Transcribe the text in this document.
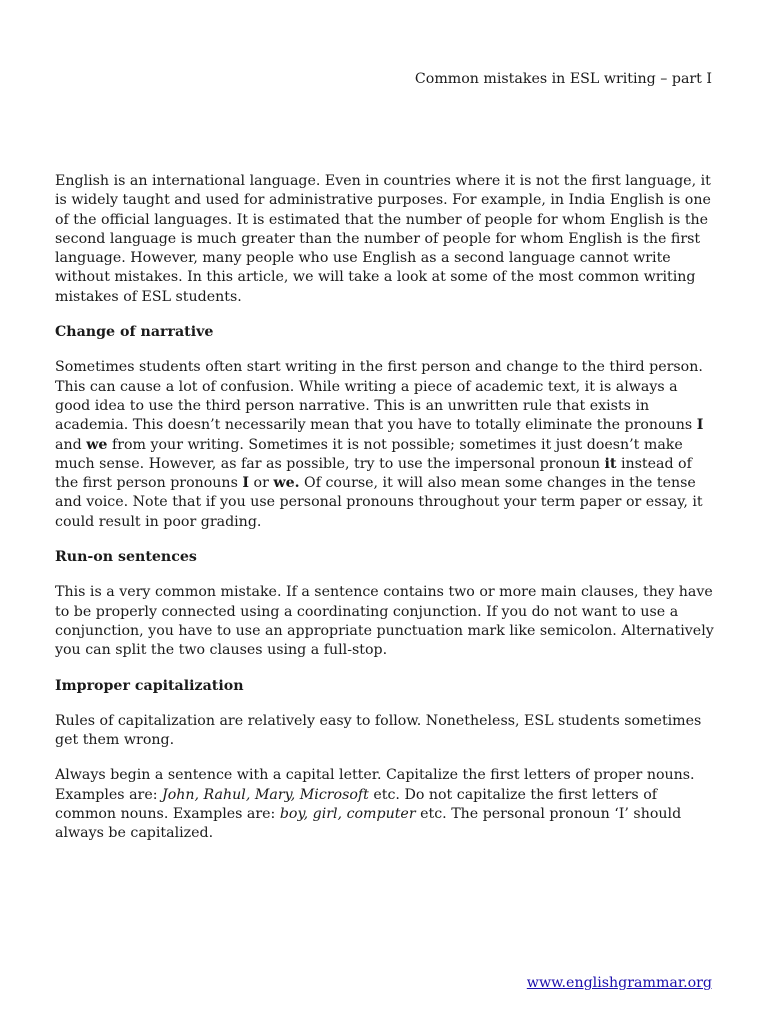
Common mistakes in ESL writing – part I

English is an international language. Even in countries where it is not the first language, it is widely taught and used for administrative purposes. For example, in India English is one of the official languages. It is estimated that the number of people for whom English is the second language is much greater than the number of people for whom English is the first language. However, many people who use English as a second language cannot write without mistakes. In this article, we will take a look at some of the most common writing mistakes of ESL students.

Change of narrative

Sometimes students often start writing in the first person and change to the third person. This can cause a lot of confusion. While writing a piece of academic text, it is always a good idea to use the third person narrative. This is an unwritten rule that exists in academia. This doesn’t necessarily mean that you have to totally eliminate the pronouns I and we from your writing. Sometimes it is not possible; sometimes it just doesn’t make much sense. However, as far as possible, try to use the impersonal pronoun it instead of the first person pronouns I or we. Of course, it will also mean some changes in the tense and voice. Note that if you use personal pronouns throughout your term paper or essay, it could result in poor grading.

Run-on sentences

This is a very common mistake. If a sentence contains two or more main clauses, they have to be properly connected using a coordinating conjunction. If you do not want to use a conjunction, you have to use an appropriate punctuation mark like semicolon. Alternatively you can split the two clauses using a full-stop.

Improper capitalization

Rules of capitalization are relatively easy to follow. Nonetheless, ESL students sometimes get them wrong.

Always begin a sentence with a capital letter. Capitalize the first letters of proper nouns. Examples are: John, Rahul, Mary, Microsoft etc. Do not capitalize the first letters of common nouns. Examples are: boy, girl, computer etc. The personal pronoun ‘I’ should always be capitalized.

www.englishgrammar.org
